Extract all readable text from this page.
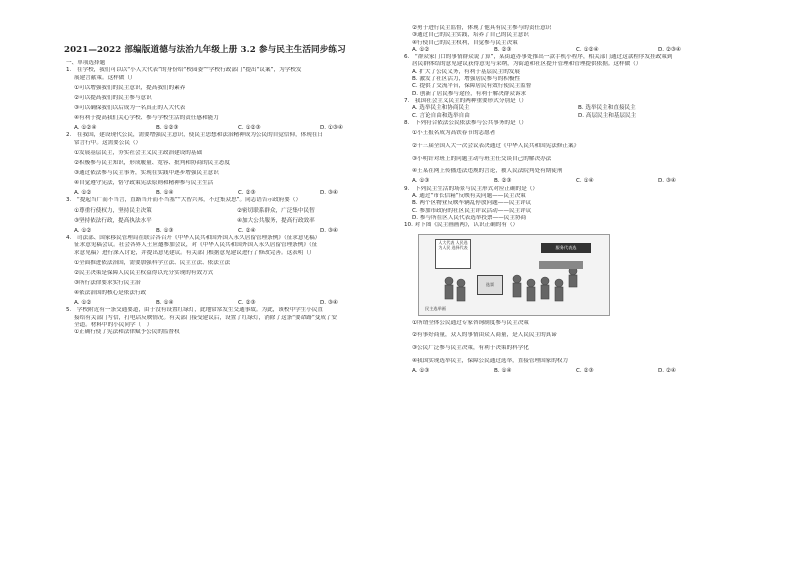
2021—2022 部编版道德与法治九年级上册 3.2 参与民主生活同步练习
一、单项选择题
1.　在学校，我们可以以“小人大代表”的身份给“校园委”“学校行政部门”提出“议案”，为学校发
展建言献策。这样做（）
①可以增强我们的民主意识，提高我们的素养
②可以提高我们的民主参与意识
③可以确保我们以后成为一名真正的人大代表
④有利于提高我们关心学校、参与学校生活的责任感和能力
A. ①②④	B. ①②③	C. ①②③	D. ①③④
2.　在我国，建设现代公民，需要增强民主意识，使民主思想和法治精神成为公民的自觉信仰，体现在日
常言行中。这需要公民（）
①发展基层民主，夯实社会主义民主政治建设的基础
②积极参与民主知识，形成履量、宽容、批判和协商的民主态度
③通过依法参与民主事务，实现在实践中逐步增强民主意识
④自觉遵守宪法，恪守政策宪法原则和精神参与民主生活
A. ①②	B. ①④	C. ②③	D. ③④
3.　“提起当广而不当言，直路当开而不当塞”“大智兴邦，不过集众思”。同志语告示政府要（）
①尊重行使权力，坚持民主决策	②密切联系群众，广泛集中民智
③坚持依法行政，提高执法水平	④加大公共服务，提高行政效率
A. ①②	B. ①③	C. ②④	D. ③④
4.　司法部、国家移民管理局在联合各召开《中华人民共和国外国人永久居留管理条例》（征求意见稿）
征求意见稿会议。社会各界人士应邀参加会议，对《中华人民共和国外国人永久居留管理条例》（征
求意见稿）进行深入讨论，并提出意见建议。有关部门根据意见建议进行了修改完善。这表明（）
①全面推进依法治国，需要加强科学立法、民主立法、依法立法
②民主决策是保障人民民主权益得以充分实现的有效方式
③所行法律要求实行民主治
④依法治国的核心是依法行政
A. ①②	B. ①④	C. ②③	D. ③④
5.　学校附近有一条交通要道，由于没有设置红绿灯，此地常常发生交通事故。为此，该校中学生小民直
接给有关部门写信，打电话反映情况。有关部门接受建议后，设置了红绿灯，消除了这条“要命路”变成了安
全道。材料中的小民同学（　）
①正确行使了宪法和法律赋予公民的监督权
②勇于进行民主监督，体现了他具有民主参与的责任意识
③通过自己的民主实践，培养了自己的民主意识
④行使自己的民主权利，自觉参与民主决策
A. ①②	B. ②③	C. ①②④	D. ②③④
6.　“群众家门口的事情群众说了算”，某街道办事处推出一款手机小程序，相关部门通过这款程序发挂政策到
居民群体结的意见建议获得意见与采纳，为街道和社区提升管理和管理提供依据。这样做（）
A. 扩大了公民义务，有利于基层民主的发展
B. 激发了社区活力，增强居民参与的积极性
C. 提供了交流平台，保障居民有效行使民主监督
D. 创新了居民参与途径，有利于解决群众诉求
7.　我国社会主义民主的两种重要形式分别是（）
A. 选举民主和协商民主	B. 选举民主和直接民主
C. 言论自由和选举自由	D. 高层民主和基层民主
8.　下列符合依法公民依法参与公共事务的是（）
①小王报名成为高铁春节的志愿者
②十三届全国人大一次会议表决通过《中华人民共和国宪法修正案》
③小明针对班上的问题主动与班主任交谈自己的解决办法
④王某在网上传播违法违规的言论，被人民法院判处有期徒刑
A. ①③	B. ②③	C. ①④	D. ③④
9.　下列民主生活的场景与民主形式对应正确的是（）
A. 通过“市长信箱”反映有关问题——民主决策
B. 两个区物业反映车辆乱停放问题——民主评议
C. 参加市政府的社区民主评议活动——民主评议
D. 参与所在区人民代表选举投票——民主协商
10. 对下图《民主画画两》，认识正确的有（）
人大代表 人民选 为人民 选择代表	服务代表选
选票
民主选举画
①所谓全体公民通过专家咨询制度参与民主决策
②有事好商量，众人的事情由众人商量，是人民民主的真谛
③公民广泛参与民主决策，有利于决策的科学化
④我国实现选举民主，保障公民通过选举，直接管理国家的权力
A. ①③	B. ①④	C. ②③	D. ②④
